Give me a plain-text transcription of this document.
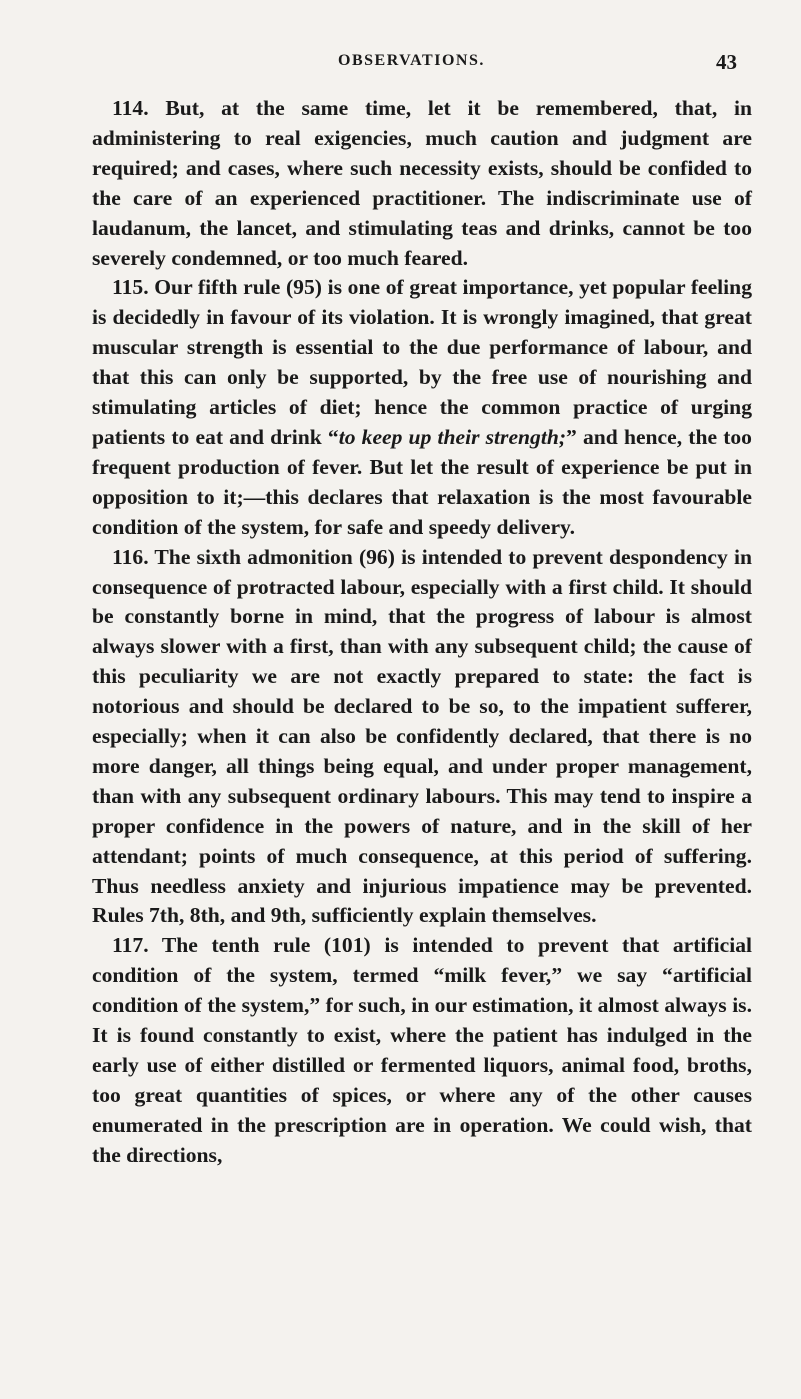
OBSERVATIONS.	43

114. But, at the same time, let it be remembered, that, in administering to real exigencies, much caution and judgment are required; and cases, where such necessity exists, should be confided to the care of an experienced practitioner. The indiscriminate use of laudanum, the lancet, and stimulating teas and drinks, cannot be too severely condemned, or too much feared.

115. Our fifth rule (95) is one of great importance, yet popular feeling is decidedly in favour of its violation. It is wrongly imagined, that great muscular strength is essential to the due performance of labour, and that this can only be supported, by the free use of nourishing and stimulating articles of diet; hence the common practice of urging patients to eat and drink “to keep up their strength;” and hence, the too frequent production of fever. But let the result of experience be put in opposition to it;—this declares that relaxation is the most favourable condition of the system, for safe and speedy delivery.

116. The sixth admonition (96) is intended to prevent despondency in consequence of protracted labour, especially with a first child. It should be constantly borne in mind, that the progress of labour is almost always slower with a first, than with any subsequent child; the cause of this peculiarity we are not exactly prepared to state: the fact is notorious and should be declared to be so, to the impatient sufferer, especially; when it can also be confidently declared, that there is no more danger, all things being equal, and under proper management, than with any subsequent ordinary labours. This may tend to inspire a proper confidence in the powers of nature, and in the skill of her attendant; points of much consequence, at this period of suffering. Thus needless anxiety and injurious impatience may be prevented. Rules 7th, 8th, and 9th, sufficiently explain themselves.

117. The tenth rule (101) is intended to prevent that artificial condition of the system, termed “milk fever,” we say “artificial condition of the system,” for such, in our estimation, it almost always is. It is found constantly to exist, where the patient has indulged in the early use of either distilled or fermented liquors, animal food, broths, too great quantities of spices, or where any of the other causes enumerated in the prescription are in operation. We could wish, that the directions,
